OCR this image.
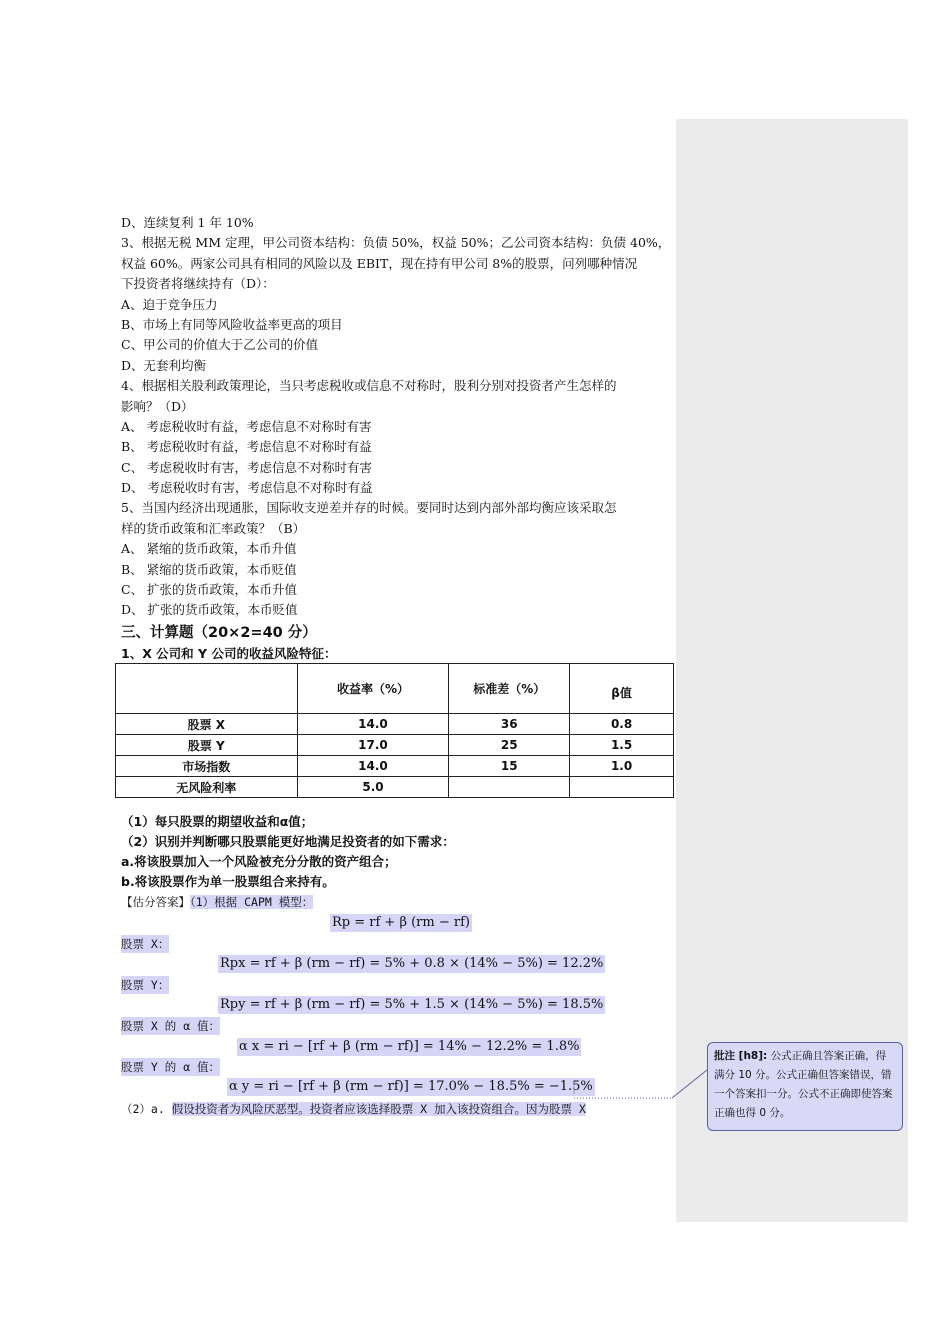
D、连续复利 1 年 10%
3、根据无税 MM 定理，甲公司资本结构：负债 50%，权益 50%；乙公司资本结构：负债 40%，
权益 60%。两家公司具有相同的风险以及 EBIT，现在持有甲公司 8%的股票，问列哪种情况
下投资者将继续持有（D）：
A、迫于竞争压力
B、市场上有同等风险收益率更高的项目
C、甲公司的价值大于乙公司的价值
D、无套利均衡
4、根据相关股利政策理论，当只考虑税收或信息不对称时，股利分别对投资者产生怎样的
影响？（D）
A、 考虑税收时有益，考虑信息不对称时有害
B、 考虑税收时有益，考虑信息不对称时有益
C、 考虑税收时有害，考虑信息不对称时有害
D、 考虑税收时有害，考虑信息不对称时有益
5、当国内经济出现通胀，国际收支逆差并存的时候。要同时达到内部外部均衡应该采取怎
样的货币政策和汇率政策？（B）
A、 紧缩的货币政策，本币升值
B、 紧缩的货币政策，本币贬值
C、 扩张的货币政策，本币升值
D、 扩张的货币政策，本币贬值
三、计算题（20×2=40 分）
1、X 公司和 Y 公司的收益风险特征：
	收益率（%）	标准差（%）	β值
股票 X	14.0	36	0.8
股票 Y	17.0	25	1.5
市场指数	14.0	15	1.0
无风险利率	5.0		
（1）每只股票的期望收益和α值；
（2）识别并判断哪只股票能更好地满足投资者的如下需求：
a.将该股票加入一个风险被充分分散的资产组合；
b.将该股票作为单一股票组合来持有。
【估分答案】（1）根据 CAPM 模型：
Rp = rf + β (rm − rf)
股票 X：
Rpx = rf + β (rm − rf) = 5% + 0.8 × (14% − 5%) = 12.2%
股票 Y：
Rpy = rf + β (rm − rf) = 5% + 1.5 × (14% − 5%) = 18.5%
股票 X 的 α 值：
α x = ri − [rf + β (rm − rf)] = 14% − 12.2% = 1.8%
股票 Y 的 α 值：
α y = ri − [rf + β (rm − rf)] = 17.0% − 18.5% = −1.5%
（2）a. 假设投资者为风险厌恶型。投资者应该选择股票 X 加入该投资组合。因为股票 X
批注 [h8]: 公式正确且答案正确，得满分 10 分。公式正确但答案错误，错一个答案扣一分。公式不正确即使答案正确也得 0 分。
